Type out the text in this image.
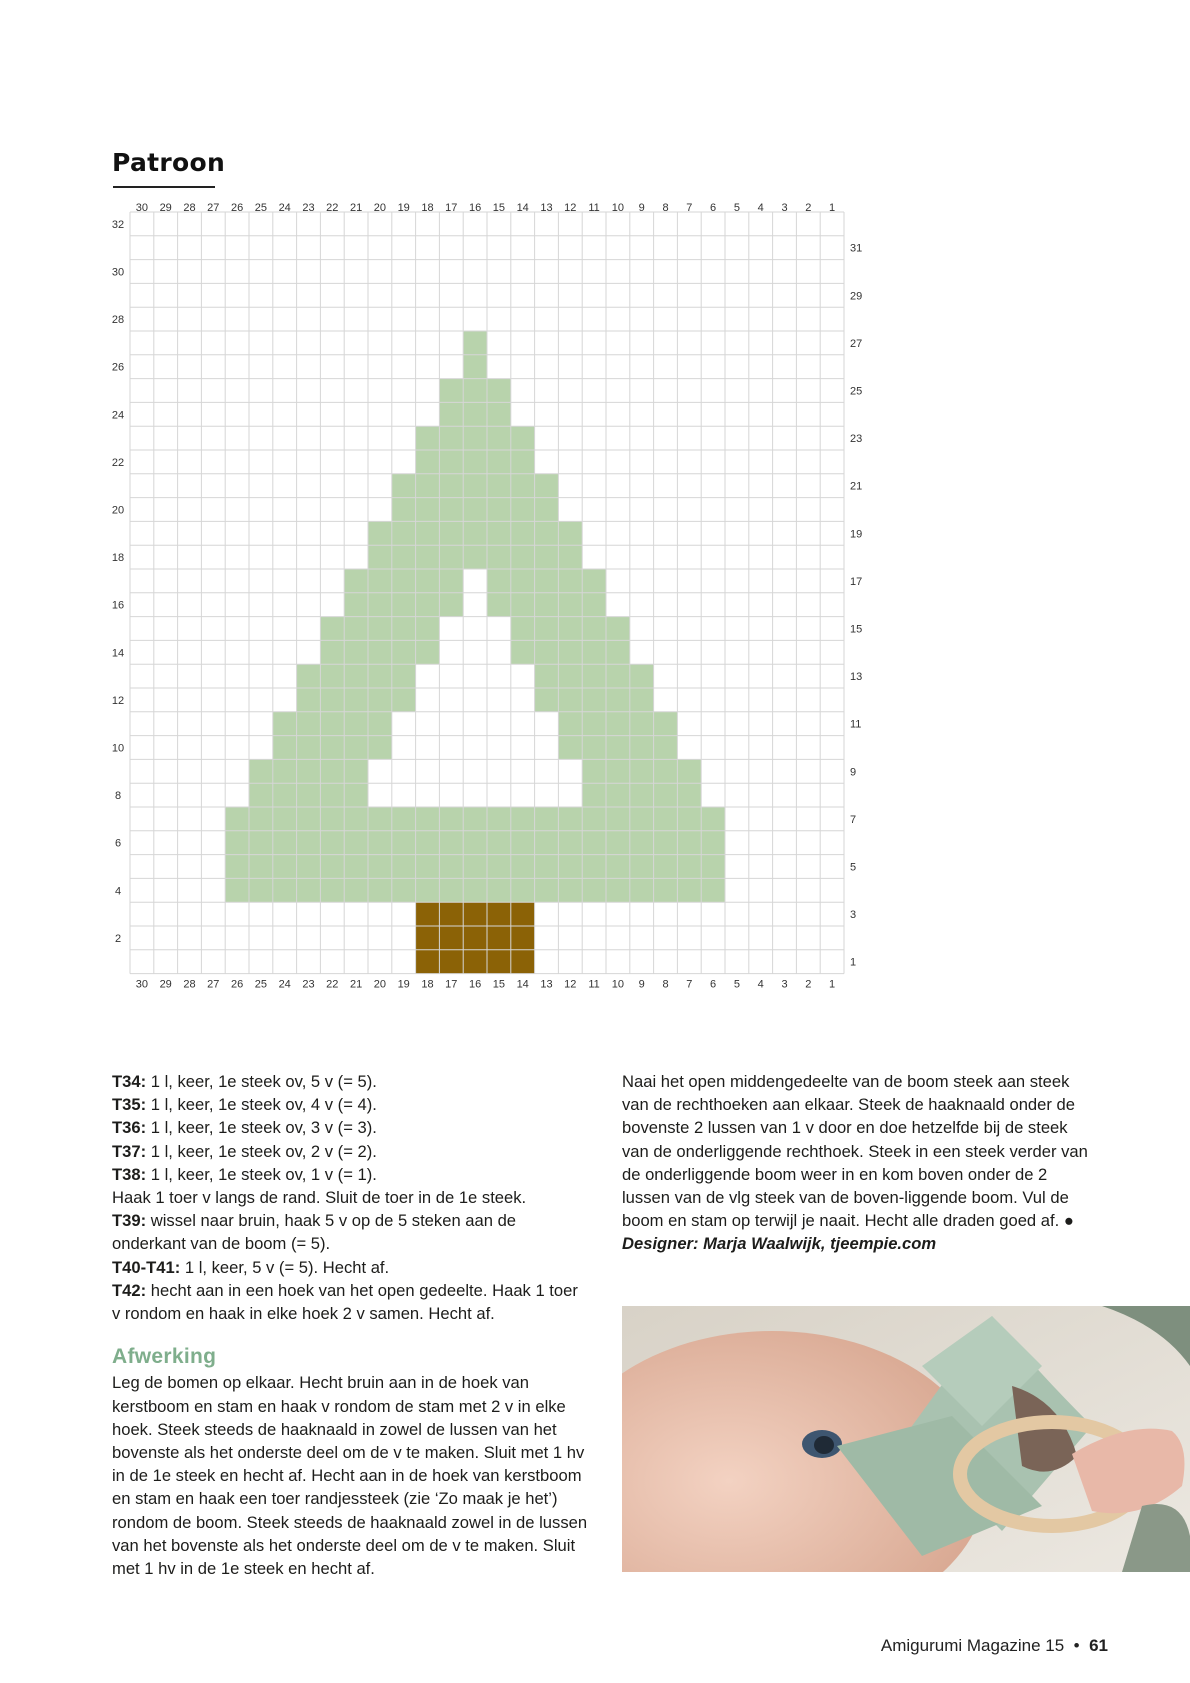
Patroon
30
30
29
29
28
28
27
27
26
26
25
25
24
24
23
23
22
22
21
21
20
20
19
19
18
18
17
17
16
16
15
15
14
14
13
13
12
12
11
11
10
10
9
9
8
8
7
7
6
6
5
5
4
4
3
3
2
2
1
1
32
30
28
26
24
22
20
18
16
14
12
10
8
6
4
2
31
29
27
25
23
21
19
17
15
13
11
9
7
5
3
1

T34: 1 l, keer, 1e steek ov, 5 v (= 5).

T35: 1 l, keer, 1e steek ov, 4 v (= 4).

T36: 1 l, keer, 1e steek ov, 3 v (= 3).

T37: 1 l, keer, 1e steek ov, 2 v (= 2).

T38: 1 l, keer, 1e steek ov, 1 v (= 1).

Haak 1 toer v langs de rand. Sluit de toer in de 1e steek.

T39: wissel naar bruin, haak 5 v op de 5 steken aan de onderkant van de boom (= 5).

T40-T41: 1 l, keer, 5 v (= 5). Hecht af.

T42: hecht aan in een hoek van het open gedeelte. Haak 1 toer v rondom en haak in elke hoek 2 v samen. Hecht af.

Afwerking

Leg de bomen op elkaar. Hecht bruin aan in de hoek van kerstboom en stam en haak v rondom de stam met 2 v in elke hoek. Steek steeds de haaknaald in zowel de lussen van het bovenste als het onderste deel om de v te maken. Sluit met 1 hv in de 1e steek en hecht af. Hecht aan in de hoek van kerstboom en stam en haak een toer randjessteek (zie ‘Zo maak je het’) rondom de boom. Steek steeds de haaknaald zowel in de lussen van het bovenste als het onderste deel om de v te maken. Sluit met 1 hv in de 1e steek en hecht af.

Naai het open middengedeelte van de boom steek aan steek van de rechthoeken aan elkaar. Steek de haaknaald onder de bovenste 2 lussen van 1 v door en doe hetzelfde bij de steek van de onderliggende rechthoek. Steek in een steek verder van de onderliggende boom weer in en kom boven onder de 2 lussen van de vlg steek van de boven-liggende boom. Vul de boom en stam op terwijl je naait. Hecht alle draden goed af. ●

Designer: Marja Waalwijk, tjeempie.com

Amigurumi Magazine 15 • 61
